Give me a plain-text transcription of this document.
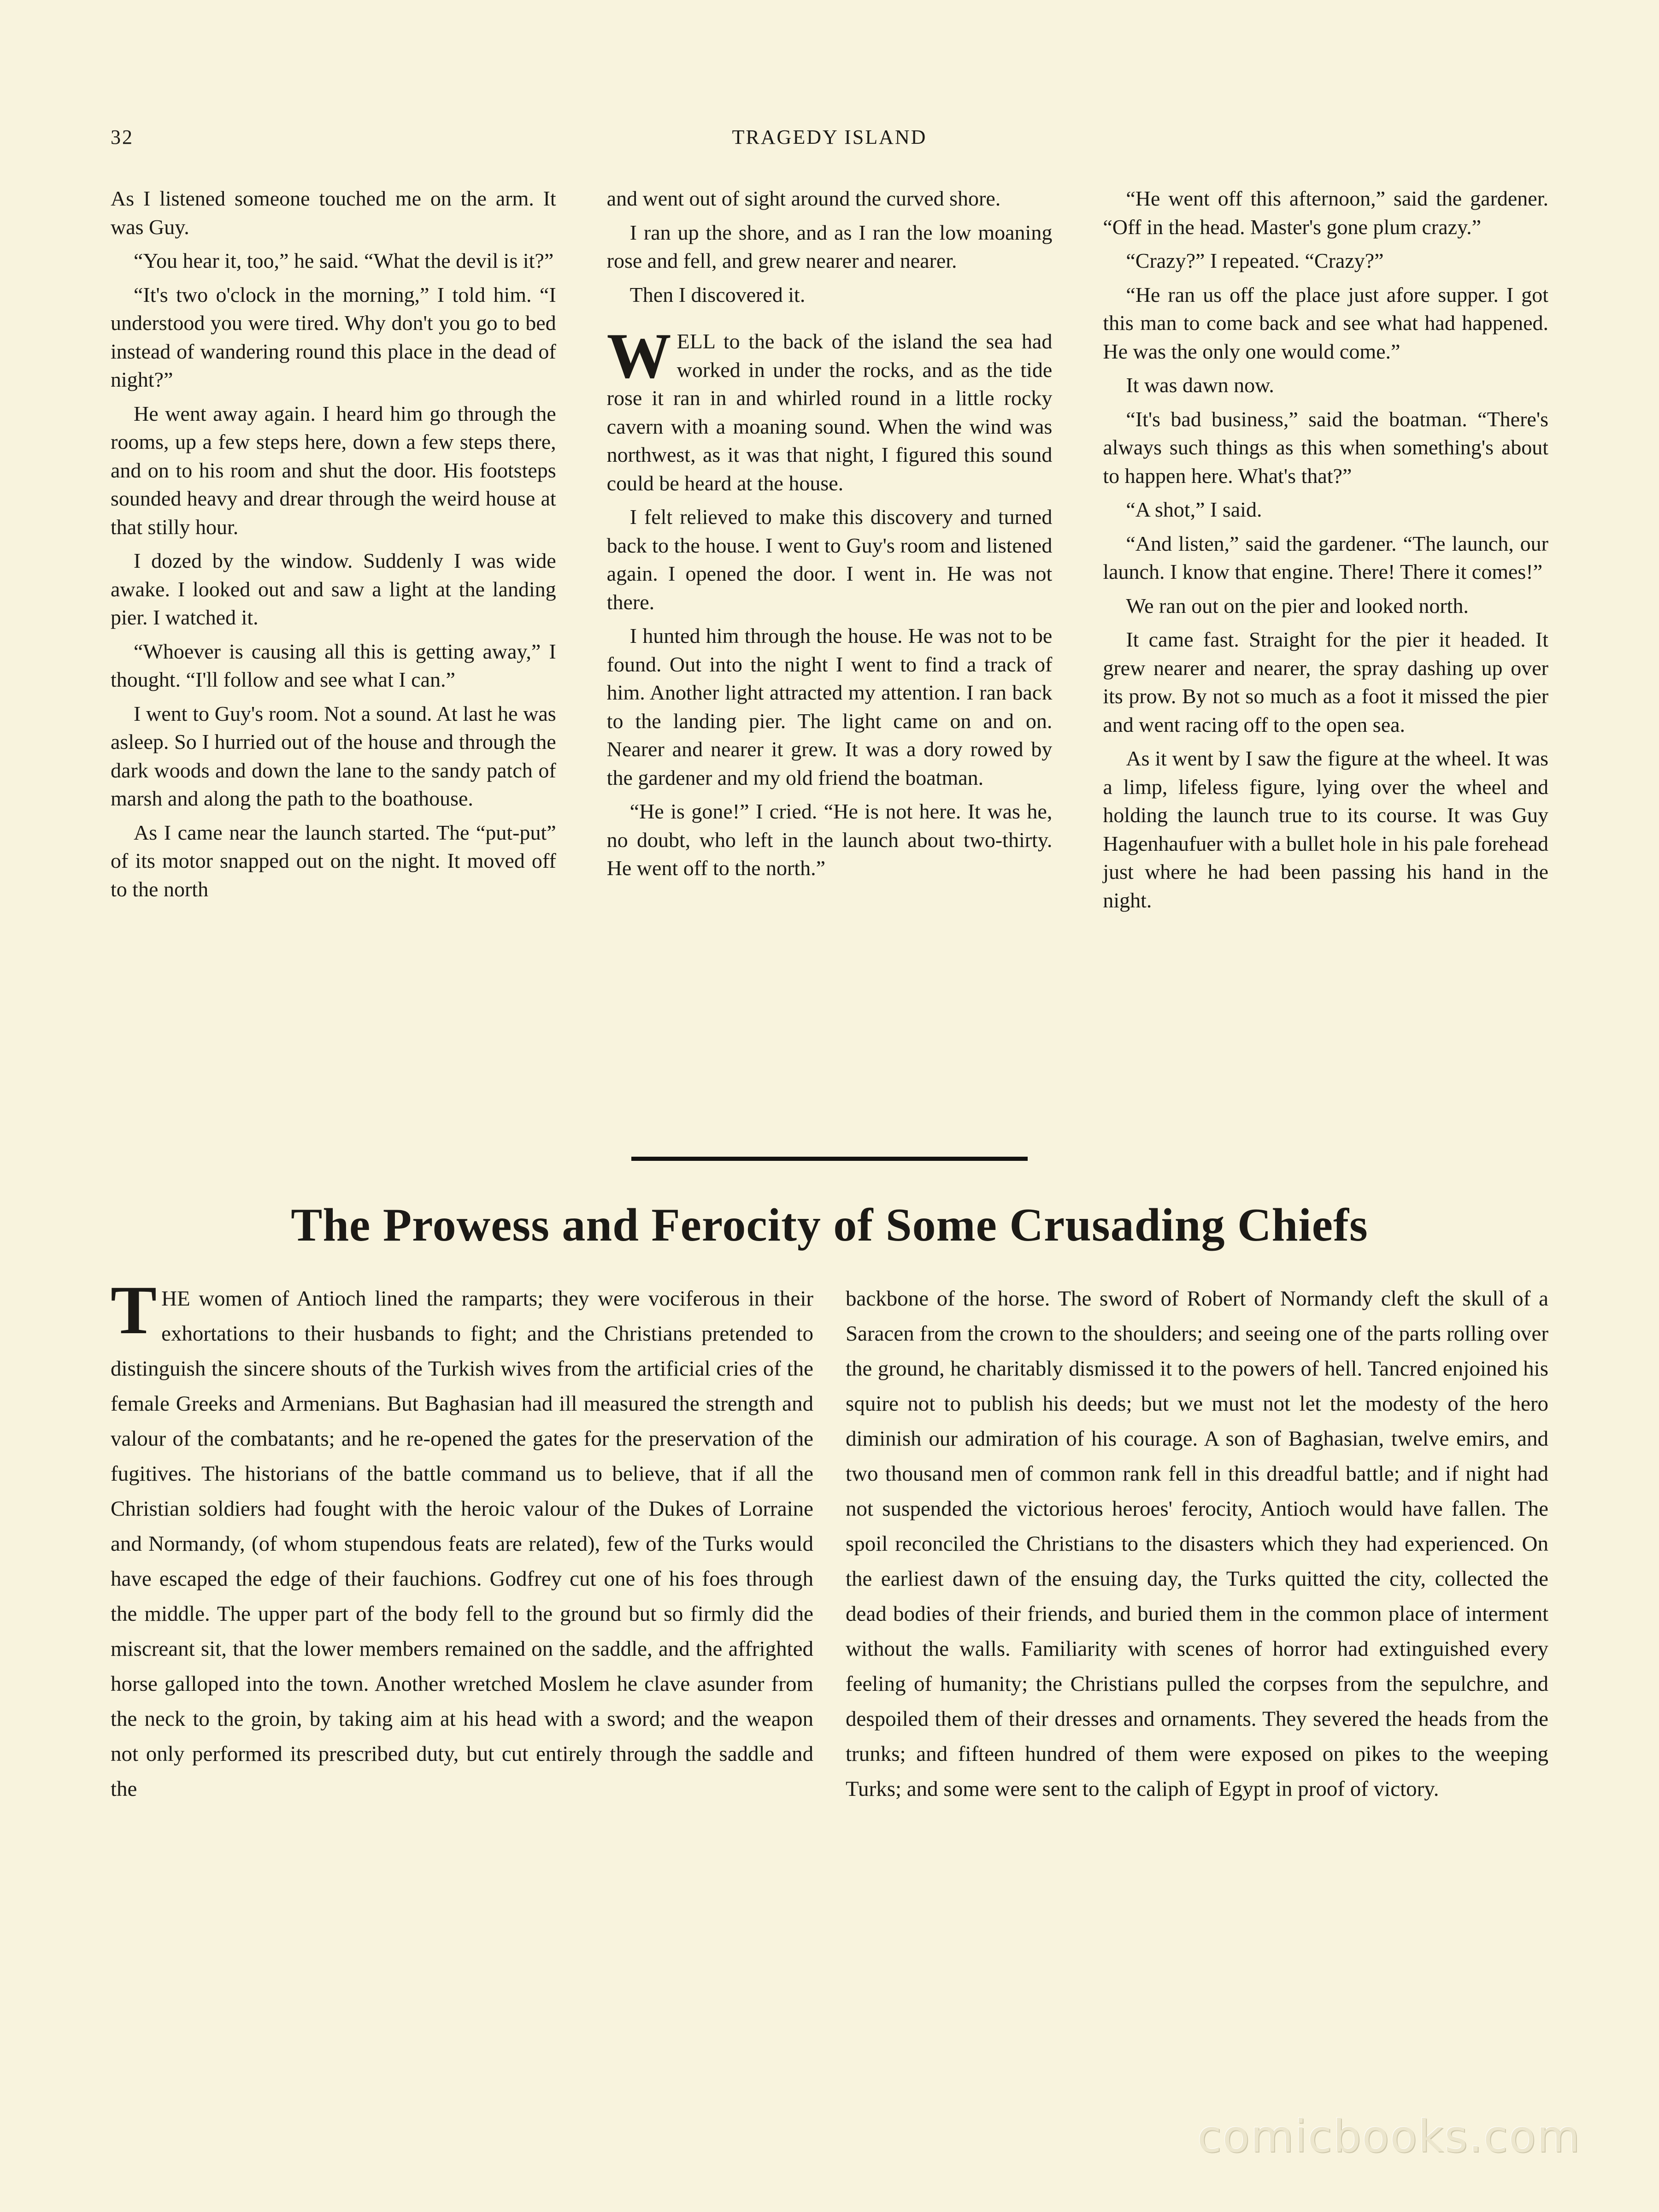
32	TRAGEDY ISLAND

As I listened someone touched me on the arm. It was Guy.

“You hear it, too,” he said. “What the devil is it?”

“It's two o'clock in the morning,” I told him. “I understood you were tired. Why don't you go to bed instead of wandering round this place in the dead of night?”

He went away again. I heard him go through the rooms, up a few steps here, down a few steps there, and on to his room and shut the door. His footsteps sounded heavy and drear through the weird house at that stilly hour.

I dozed by the window. Suddenly I was wide awake. I looked out and saw a light at the landing pier. I watched it.

“Whoever is causing all this is getting away,” I thought. “I'll follow and see what I can.”

I went to Guy's room. Not a sound. At last he was asleep. So I hurried out of the house and through the dark woods and down the lane to the sandy patch of marsh and along the path to the boathouse.

As I came near the launch started. The “put-put” of its motor snapped out on the night. It moved off to the north

and went out of sight around the curved shore.

I ran up the shore, and as I ran the low moaning rose and fell, and grew nearer and nearer.

Then I discovered it.

W ELL to the back of the island the sea had worked in under the rocks, and as the tide rose it ran in and whirled round in a little rocky cavern with a moaning sound. When the wind was northwest, as it was that night, I figured this sound could be heard at the house.

I felt relieved to make this discovery and turned back to the house. I went to Guy's room and listened again. I opened the door. I went in. He was not there.

I hunted him through the house. He was not to be found. Out into the night I went to find a track of him. Another light attracted my attention. I ran back to the landing pier. The light came on and on. Nearer and nearer it grew. It was a dory rowed by the gardener and my old friend the boatman.

“He is gone!” I cried. “He is not here. It was he, no doubt, who left in the launch about two-thirty. He went off to the north.”

“He went off this afternoon,” said the gardener. “Off in the head. Master's gone plum crazy.”

“Crazy?” I repeated. “Crazy?”

“He ran us off the place just afore supper. I got this man to come back and see what had happened. He was the only one would come.”

It was dawn now.

“It's bad business,” said the boatman. “There's always such things as this when something's about to happen here. What's that?”

“A shot,” I said.

“And listen,” said the gardener. “The launch, our launch. I know that engine. There! There it comes!”

We ran out on the pier and looked north.

It came fast. Straight for the pier it headed. It grew nearer and nearer, the spray dashing up over its prow. By not so much as a foot it missed the pier and went racing off to the open sea.

As it went by I saw the figure at the wheel. It was a limp, lifeless figure, lying over the wheel and holding the launch true to its course. It was Guy Hagenhaufuer with a bullet hole in his pale forehead just where he had been passing his hand in the night.

The Prowess and Ferocity of Some Crusading Chiefs

T HE women of Antioch lined the ramparts; they were vociferous in their exhortations to their husbands to fight; and the Christians pretended to distinguish the sincere shouts of the Turkish wives from the artificial cries of the female Greeks and Armenians. But Baghasian had ill measured the strength and valour of the combatants; and he re-opened the gates for the preservation of the fugitives. The historians of the battle command us to believe, that if all the Christian soldiers had fought with the heroic valour of the Dukes of Lorraine and Normandy, (of whom stupendous feats are related), few of the Turks would have escaped the edge of their fauchions. Godfrey cut one of his foes through the middle. The upper part of the body fell to the ground but so firmly did the miscreant sit, that the lower members remained on the saddle, and the affrighted horse galloped into the town. Another wretched Moslem he clave asunder from the neck to the groin, by taking aim at his head with a sword; and the weapon not only performed its prescribed duty, but cut entirely through the saddle and the

backbone of the horse. The sword of Robert of Normandy cleft the skull of a Saracen from the crown to the shoulders; and seeing one of the parts rolling over the ground, he charitably dismissed it to the powers of hell. Tancred enjoined his squire not to publish his deeds; but we must not let the modesty of the hero diminish our admiration of his courage. A son of Baghasian, twelve emirs, and two thousand men of common rank fell in this dreadful battle; and if night had not suspended the victorious heroes' ferocity, Antioch would have fallen. The spoil reconciled the Christians to the disasters which they had experienced. On the earliest dawn of the ensuing day, the Turks quitted the city, collected the dead bodies of their friends, and buried them in the common place of interment without the walls. Familiarity with scenes of horror had extinguished every feeling of humanity; the Christians pulled the corpses from the sepulchre, and despoiled them of their dresses and ornaments. They severed the heads from the trunks; and fifteen hundred of them were exposed on pikes to the weeping Turks; and some were sent to the caliph of Egypt in proof of victory.

comicbooks.com
